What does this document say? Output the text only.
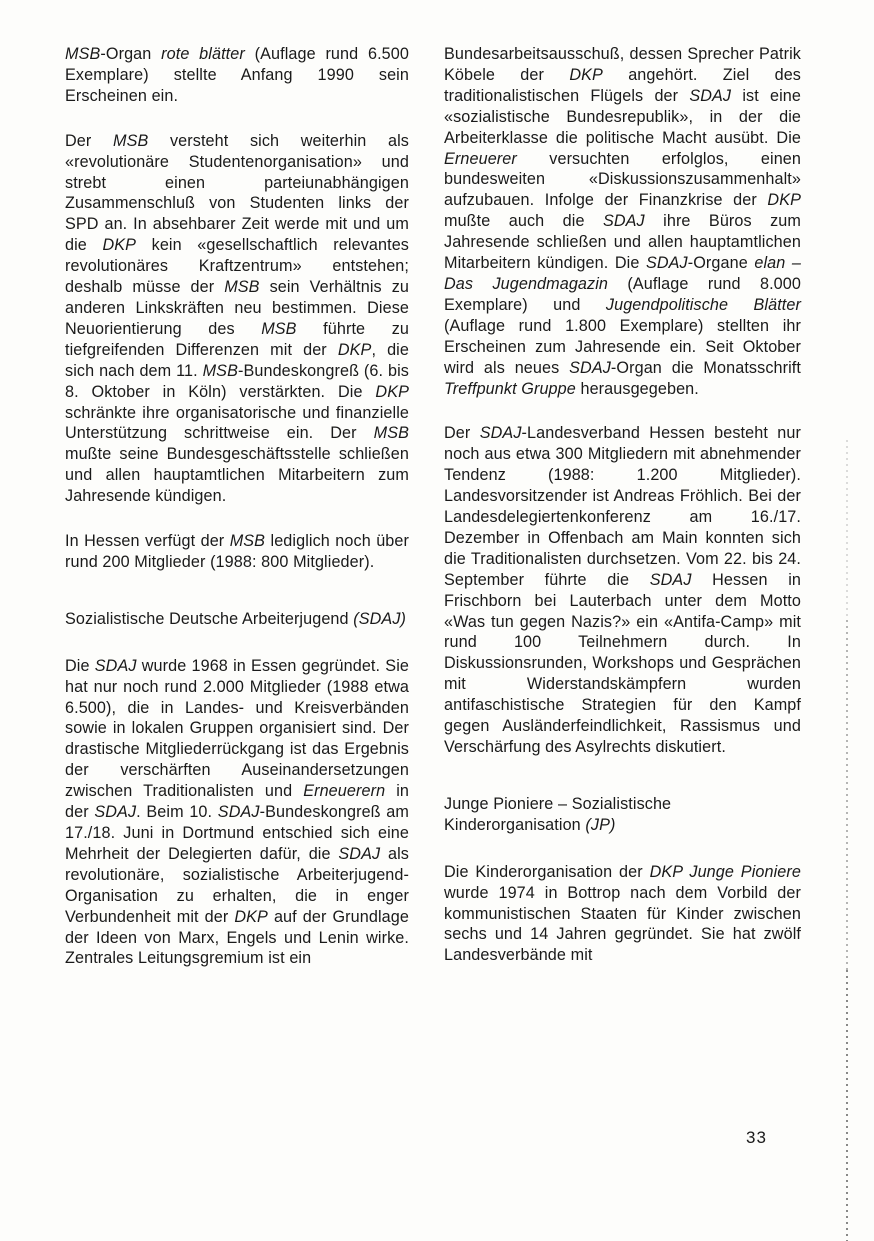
MSB-Organ rote blätter (Auflage rund 6.500 Exemplare) stellte Anfang 1990 sein Erscheinen ein.
Der MSB versteht sich weiterhin als «revolutionäre Studentenorganisation» und strebt einen parteiunabhängigen Zusammenschluß von Studenten links der SPD an. In absehbarer Zeit werde mit und um die DKP kein «gesellschaftlich relevantes revolutionäres Kraftzentrum» entstehen; deshalb müsse der MSB sein Verhältnis zu anderen Linkskräften neu bestimmen. Diese Neuorientierung des MSB führte zu tiefgreifenden Differenzen mit der DKP, die sich nach dem 11. MSB-Bundeskongreß (6. bis 8. Oktober in Köln) verstärkten. Die DKP schränkte ihre organisatorische und finanzielle Unterstützung schrittweise ein. Der MSB mußte seine Bundesgeschäftsstelle schließen und allen hauptamtlichen Mitarbeitern zum Jahresende kündigen.
In Hessen verfügt der MSB lediglich noch über rund 200 Mitglieder (1988: 800 Mitglieder).
Sozialistische Deutsche Arbeiterjugend (SDAJ)
Die SDAJ wurde 1968 in Essen gegründet. Sie hat nur noch rund 2.000 Mitglieder (1988 etwa 6.500), die in Landes- und Kreisverbänden sowie in lokalen Gruppen organisiert sind. Der drastische Mitgliederrückgang ist das Ergebnis der verschärften Auseinandersetzungen zwischen Traditionalisten und Erneuerern in der SDAJ. Beim 10. SDAJ-Bundeskongreß am 17./18. Juni in Dortmund entschied sich eine Mehrheit der Delegierten dafür, die SDAJ als revolutionäre, sozialistische Arbeiterjugend-Organisation zu erhalten, die in enger Verbundenheit mit der DKP auf der Grundlage der Ideen von Marx, Engels und Lenin wirke. Zentrales Leitungsgremium ist ein
Bundesarbeitsausschuß, dessen Sprecher Patrik Köbele der DKP angehört. Ziel des traditionalistischen Flügels der SDAJ ist eine «sozialistische Bundesrepublik», in der die Arbeiterklasse die politische Macht ausübt. Die Erneuerer versuchten erfolglos, einen bundesweiten «Diskussionszusammenhalt» aufzubauen. Infolge der Finanzkrise der DKP mußte auch die SDAJ ihre Büros zum Jahresende schließen und allen hauptamtlichen Mitarbeitern kündigen. Die SDAJ-Organe elan – Das Jugendmagazin (Auflage rund 8.000 Exemplare) und Jugendpolitische Blätter (Auflage rund 1.800 Exemplare) stellten ihr Erscheinen zum Jahresende ein. Seit Oktober wird als neues SDAJ-Organ die Monatsschrift Treffpunkt Gruppe herausgegeben.
Der SDAJ-Landesverband Hessen besteht nur noch aus etwa 300 Mitgliedern mit abnehmender Tendenz (1988: 1.200 Mitglieder). Landesvorsitzender ist Andreas Fröhlich. Bei der Landesdelegiertenkonferenz am 16./17. Dezember in Offenbach am Main konnten sich die Traditionalisten durchsetzen. Vom 22. bis 24. September führte die SDAJ Hessen in Frischborn bei Lauterbach unter dem Motto «Was tun gegen Nazis?» ein «Antifa-Camp» mit rund 100 Teilnehmern durch. In Diskussionsrunden, Workshops und Gesprächen mit Widerstandskämpfern wurden antifaschistische Strategien für den Kampf gegen Ausländerfeindlichkeit, Rassismus und Verschärfung des Asylrechts diskutiert.
Junge Pioniere – Sozialistische Kinderorganisation (JP)
Die Kinderorganisation der DKP Junge Pioniere wurde 1974 in Bottrop nach dem Vorbild der kommunistischen Staaten für Kinder zwischen sechs und 14 Jahren gegründet. Sie hat zwölf Landesverbände mit
33
